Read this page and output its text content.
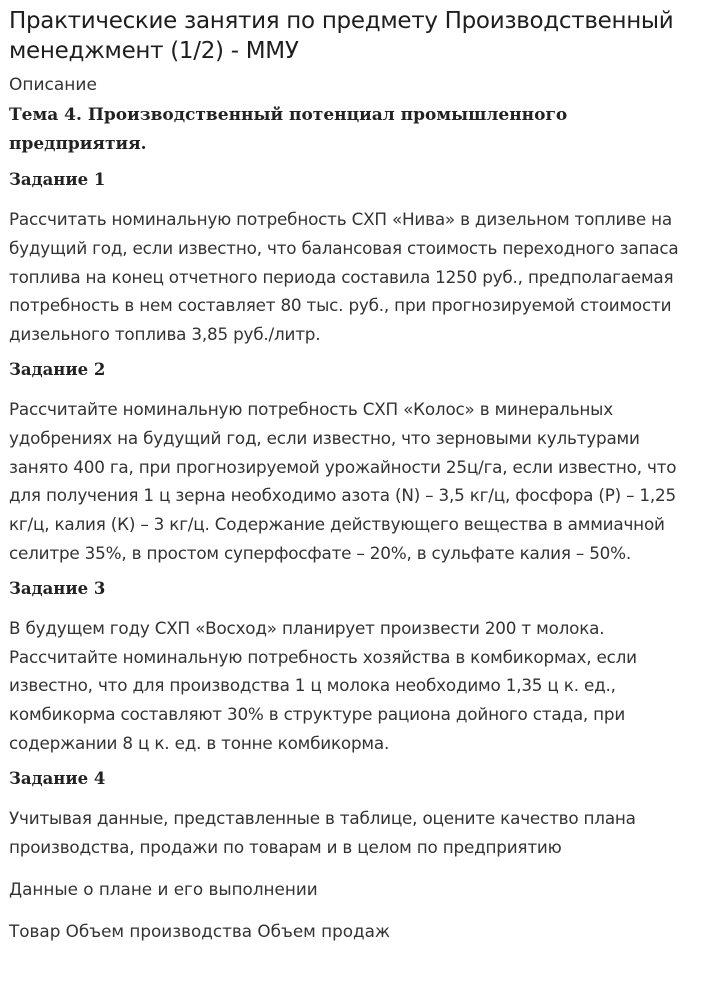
Практические занятия по предмету Производственный менеджмент (1/2) - ММУ
Описание
Тема 4. Производственный потенциал промышленного предприятия.
Задание 1

Рассчитать номинальную потребность СХП «Нива» в дизельном топливе на будущий год, если известно, что балансовая стоимость переходного запаса топлива на конец отчетного периода составила 1250 руб., предполагаемая потребность в нем составляет 80 тыс. руб., при прогнозируемой стоимости дизельного топлива 3,85 руб./литр.

Задание 2

Рассчитайте номинальную потребность СХП «Колос» в минеральных удобрениях на будущий год, если известно, что зерновыми культурами занято 400 га, при прогнозируемой урожайности 25ц/га, если известно, что для получения 1 ц зерна необходимо азота (N) – 3,5 кг/ц, фосфора (Р) – 1,25 кг/ц, калия (К) – 3 кг/ц. Содержание действующего вещества в аммиачной селитре 35%, в простом суперфосфате – 20%, в сульфате калия – 50%.

Задание 3

В будущем году СХП «Восход» планирует произвести 200 т молока. Рассчитайте номинальную потребность хозяйства в комбикормах, если известно, что для производства 1 ц молока необходимо 1,35 ц к. ед., комбикорма составляют 30% в структуре рациона дойного стада, при содержании 8 ц к. ед. в тонне комбикорма.

Задание 4

Учитывая данные, представленные в таблице, оцените качество плана производства, продажи по товарам и в целом по предприятию

Данные о плане и его выполнении

Товар Объем производства Объем продаж
